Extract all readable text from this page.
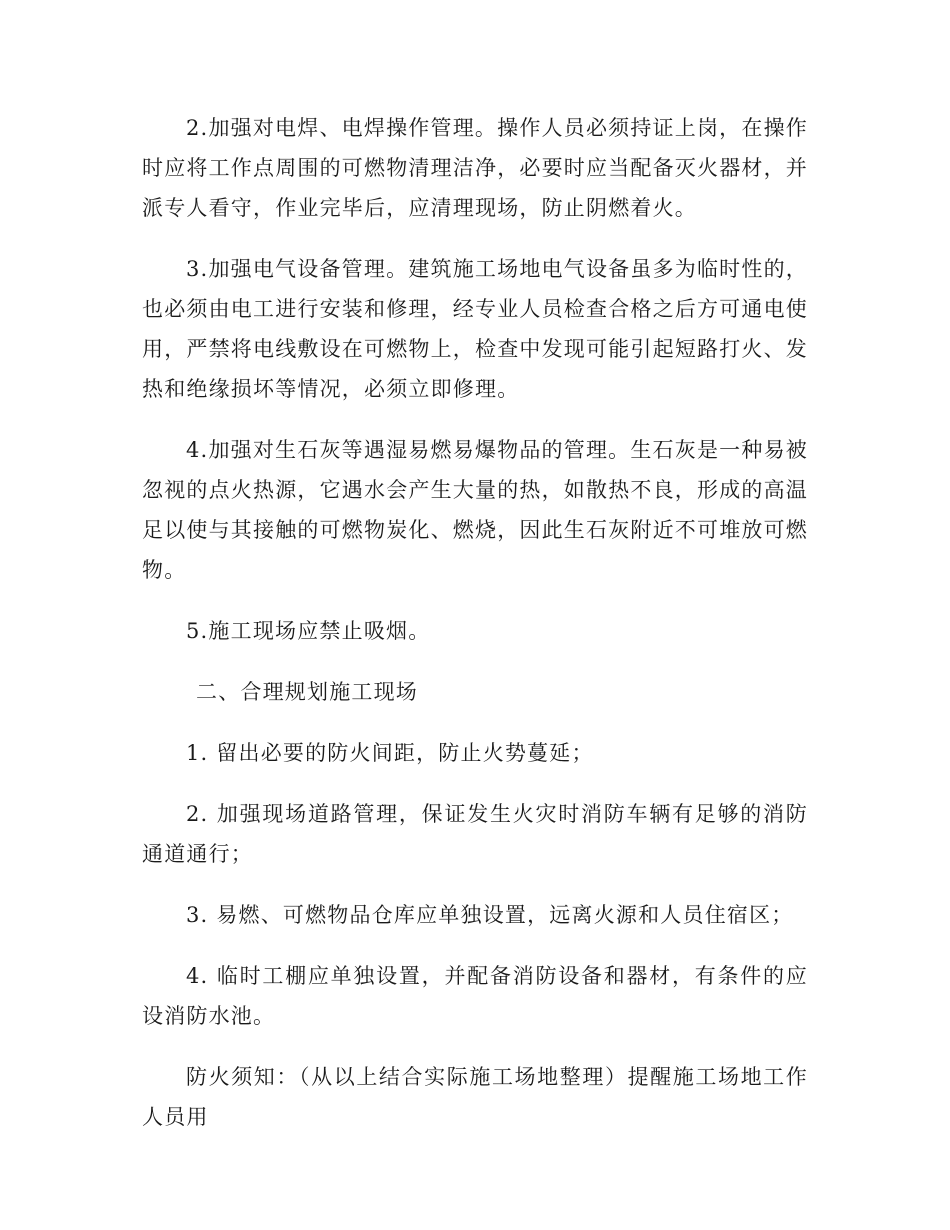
2.加强对电焊、电焊操作管理。操作人员必须持证上岗，在操作时应将工作点周围的可燃物清理洁净，必要时应当配备灭火器材，并派专人看守，作业完毕后，应清理现场，防止阴燃着火。

3.加强电气设备管理。建筑施工场地电气设备虽多为临时性的，也必须由电工进行安装和修理，经专业人员检查合格之后方可通电使用，严禁将电线敷设在可燃物上，检查中发现可能引起短路打火、发热和绝缘损坏等情况，必须立即修理。

4.加强对生石灰等遇湿易燃易爆物品的管理。生石灰是一种易被忽视的点火热源，它遇水会产生大量的热，如散热不良，形成的高温足以使与其接触的可燃物炭化、燃烧，因此生石灰附近不可堆放可燃物。

5.施工现场应禁止吸烟。

二、合理规划施工现场

1. 留出必要的防火间距，防止火势蔓延；

2. 加强现场道路管理，保证发生火灾时消防车辆有足够的消防通道通行；

3. 易燃、可燃物品仓库应单独设置，远离火源和人员住宿区；

4. 临时工棚应单独设置，并配备消防设备和器材，有条件的应设消防水池。

防火须知：（从以上结合实际施工场地整理）提醒施工场地工作人员用
